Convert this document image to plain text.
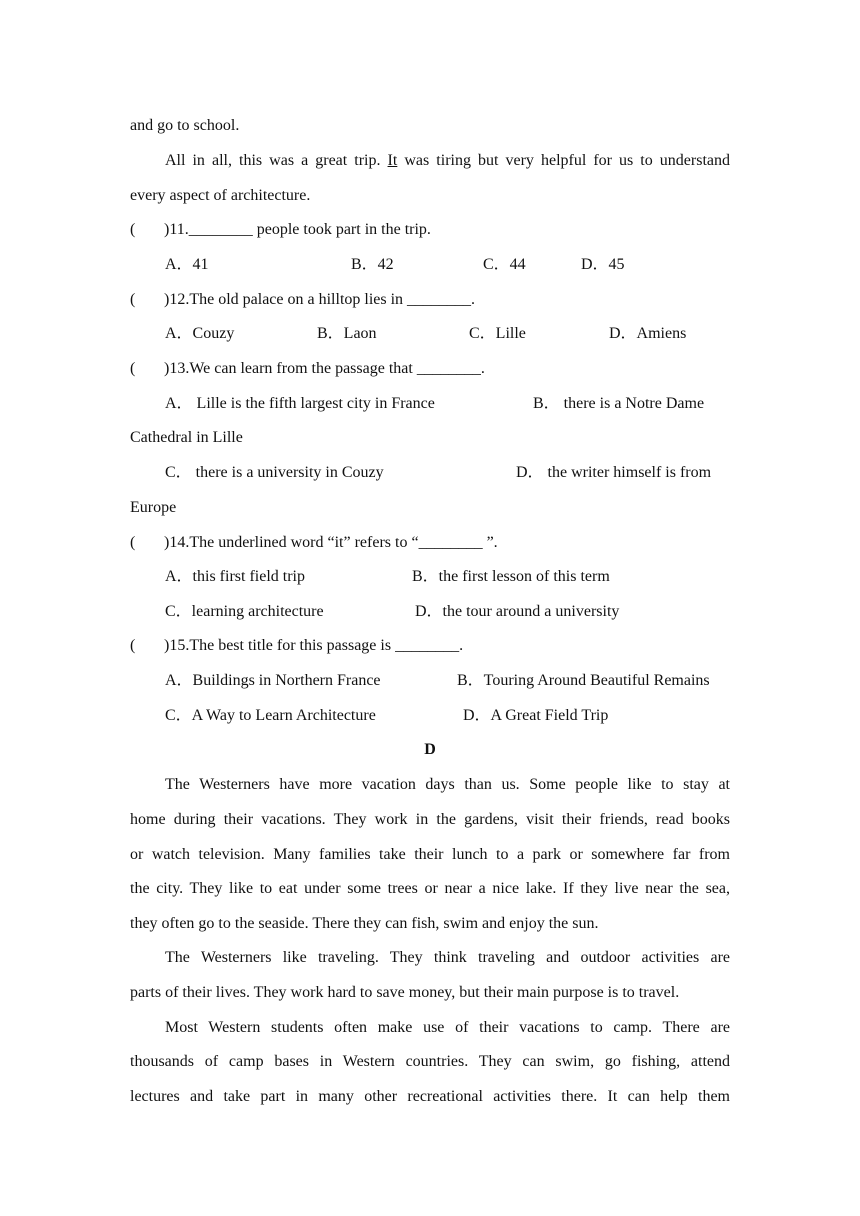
and go to school.
All in all, this was a great trip. It was tiring but very helpful for us to understand
every aspect of architecture.
( )11.________ people took part in the trip.
A．41	B．42	C．44	D．45
( )12.The old palace on a hilltop lies in ________.
A．Couzy	B．Laon	C．Lille	D．Amiens
( )13.We can learn from the passage that ________.
A． Lille is the fifth largest city in France	B． there is a Notre Dame
Cathedral in Lille
C． there is a university in Couzy	D． the writer himself is from
Europe
( )14.The underlined word “it” refers to “________ ”.
A．this first field trip	B．the first lesson of this term
C．learning architecture	D．the tour around a university
( )15.The best title for this passage is ________.
A．Buildings in Northern France	B．Touring Around Beautiful Remains
C．A Way to Learn Architecture	D．A Great Field Trip
D
The Westerners have more vacation days than us. Some people like to stay at
home during their vacations. They work in the gardens, visit their friends, read books
or watch television. Many families take their lunch to a park or somewhere far from
the city. They like to eat under some trees or near a nice lake. If they live near the sea,
they often go to the seaside. There they can fish, swim and enjoy the sun.
The Westerners like traveling. They think traveling and outdoor activities are
parts of their lives. They work hard to save money, but their main purpose is to travel.
Most Western students often make use of their vacations to camp. There are
thousands of camp bases in Western countries. They can swim, go fishing, attend
lectures and take part in many other recreational activities there. It can help them
